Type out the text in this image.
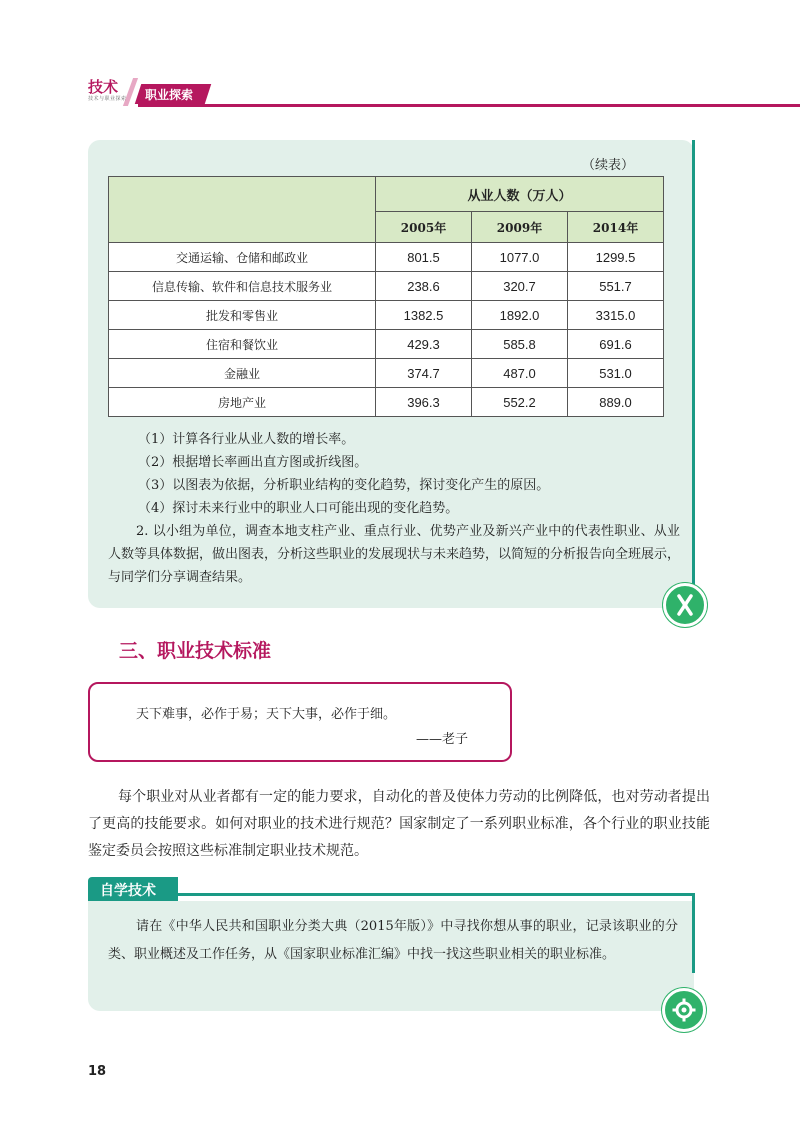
技术
技术与职业探索 职业探索
（续表）
	从业人数（万人）		
	2005年	2009年	2014年
交通运输、仓储和邮政业	801.5	1077.0	1299.5
信息传输、软件和信息技术服务业	238.6	320.7	551.7
批发和零售业	1382.5	1892.0	3315.0
住宿和餐饮业	429.3	585.8	691.6
金融业	374.7	487.0	531.0
房地产业	396.3	552.2	889.0

（1）计算各行业从业人数的增长率。

（2）根据增长率画出直方图或折线图。

（3）以图表为依据，分析职业结构的变化趋势，探讨变化产生的原因。

（4）探讨未来行业中的职业人口可能出现的变化趋势。

2. 以小组为单位，调查本地支柱产业、重点行业、优势产业及新兴产业中的代表性职业、从业人数等具体数据，做出图表，分析这些职业的发展现状与未来趋势，以简短的分析报告向全班展示，与同学们分享调查结果。

三、职业技术标准
天下难事，必作于易；天下大事，必作于细。
——老子

每个职业对从业者都有一定的能力要求，自动化的普及使体力劳动的比例降低，也对劳动者提出了更高的技能要求。如何对职业的技术进行规范？国家制定了一系列职业标准，各个行业的职业技能鉴定委员会按照这些标准制定职业技术规范。

自学技术

请在《中华人民共和国职业分类大典（2015年版）》中寻找你想从事的职业，记录该职业的分类、职业概述及工作任务，从《国家职业标准汇编》中找一找这些职业相关的职业标准。

18
